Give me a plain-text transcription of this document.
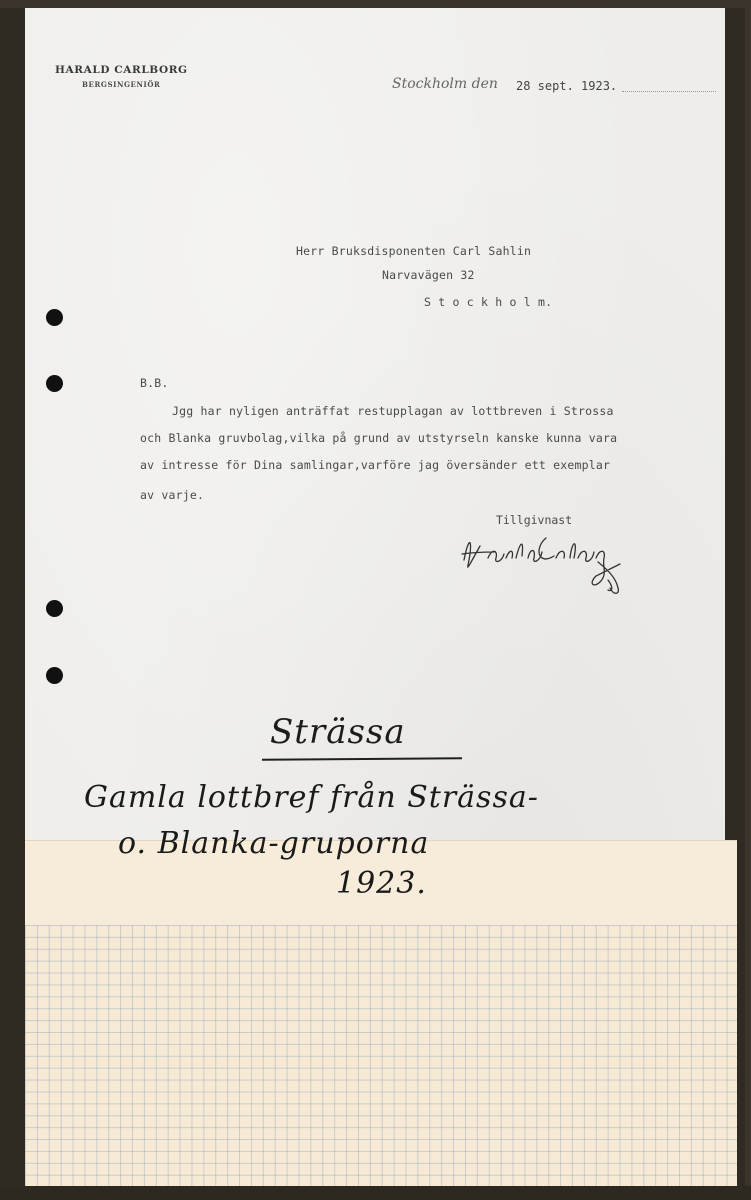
HARALD CARLBORG
BERGSINGENIÖR	Stockholm den 28 sept. 1923.
Herr Bruksdisponenten Carl Sahlin
Narvavägen 32
S t o c k h o l m.
B.B.
Jgg har nyligen anträffat restupplagan av lottbreven i Strossa
och Blanka gruvbolag,vilka på grund av utstyrseln kanske kunna vara
av intresse för Dina samlingar,varföre jag översänder ett exemplar
av varje.
Tillgivnast
Strässa
Gamla lottbref från Strässa-
o. Blanka-gruporna
1923.
